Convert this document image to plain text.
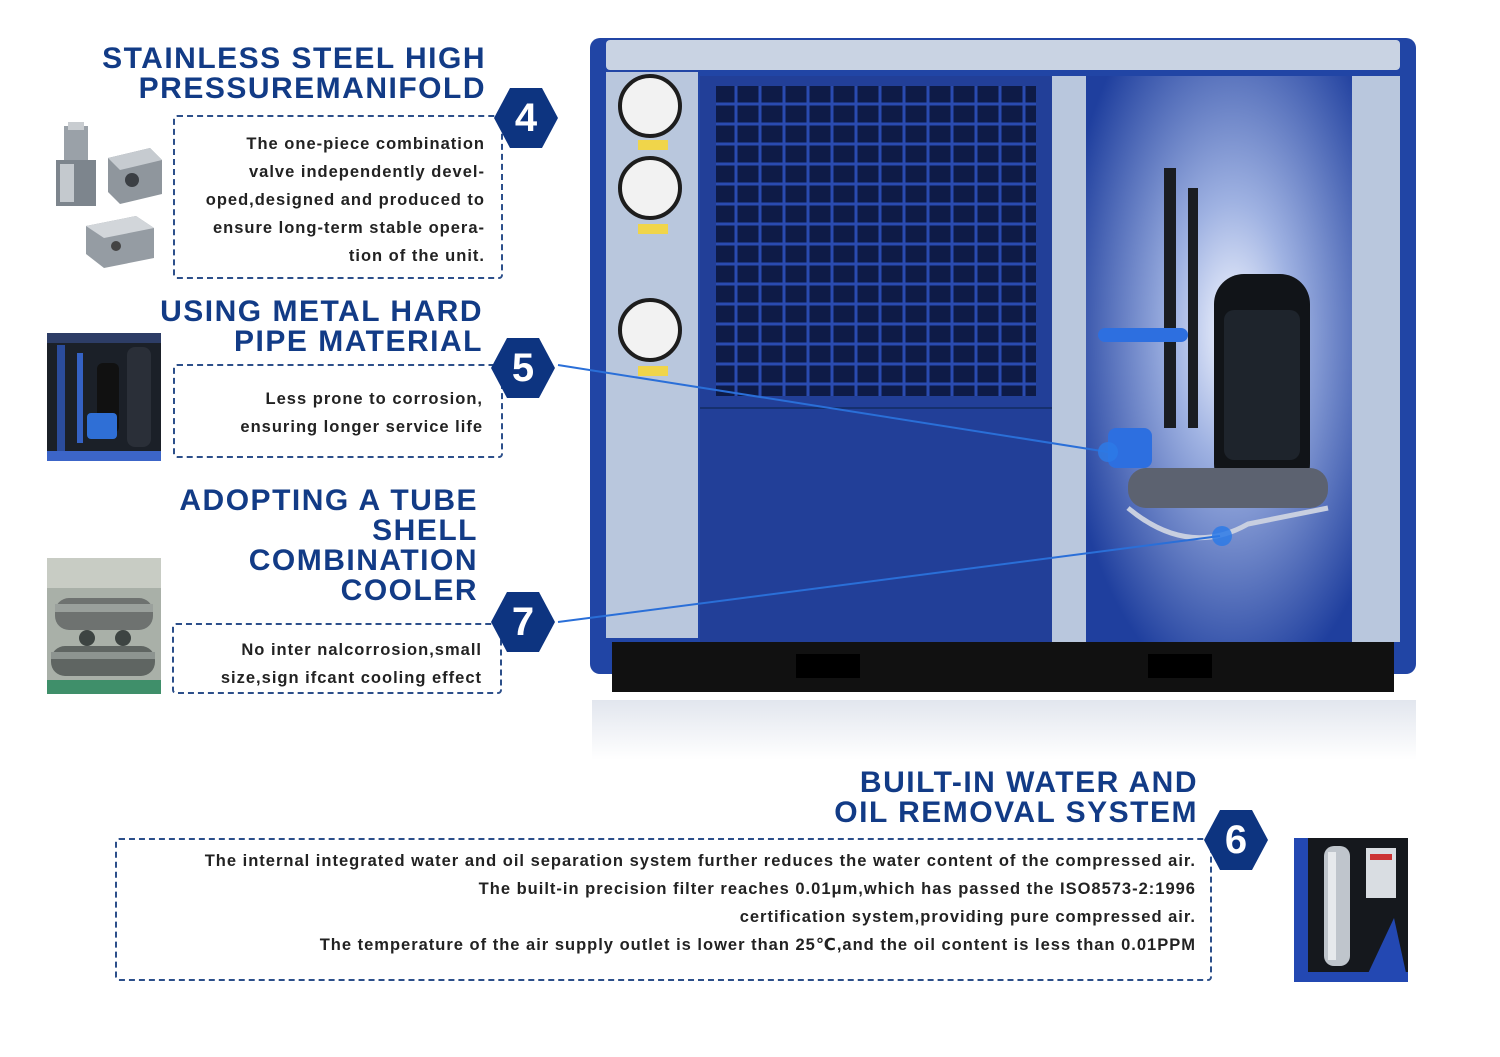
STAINLESS STEEL HIGH
PRESSUREMANIFOLD
The one-piece combination
valve independently devel-
oped,designed and produced to
ensure long-term stable opera-
tion of the unit.
4
USING METAL HARD
PIPE MATERIAL
Less prone to corrosion,
ensuring longer service life
5
ADOPTING A TUBE
SHELL
COMBINATION
COOLER
No inter nalcorrosion,small
size,sign ifcant cooling effect
7
BUILT-IN WATER AND
OIL REMOVAL SYSTEM
The internal integrated water and oil separation system further reduces the water content of the compressed air.
The built-in precision filter reaches 0.01μm,which has passed the ISO8573-2:1996
certification system,providing pure compressed air.
The temperature of the air supply outlet is lower than 25℃,and the oil content is less than 0.01PPM
6
